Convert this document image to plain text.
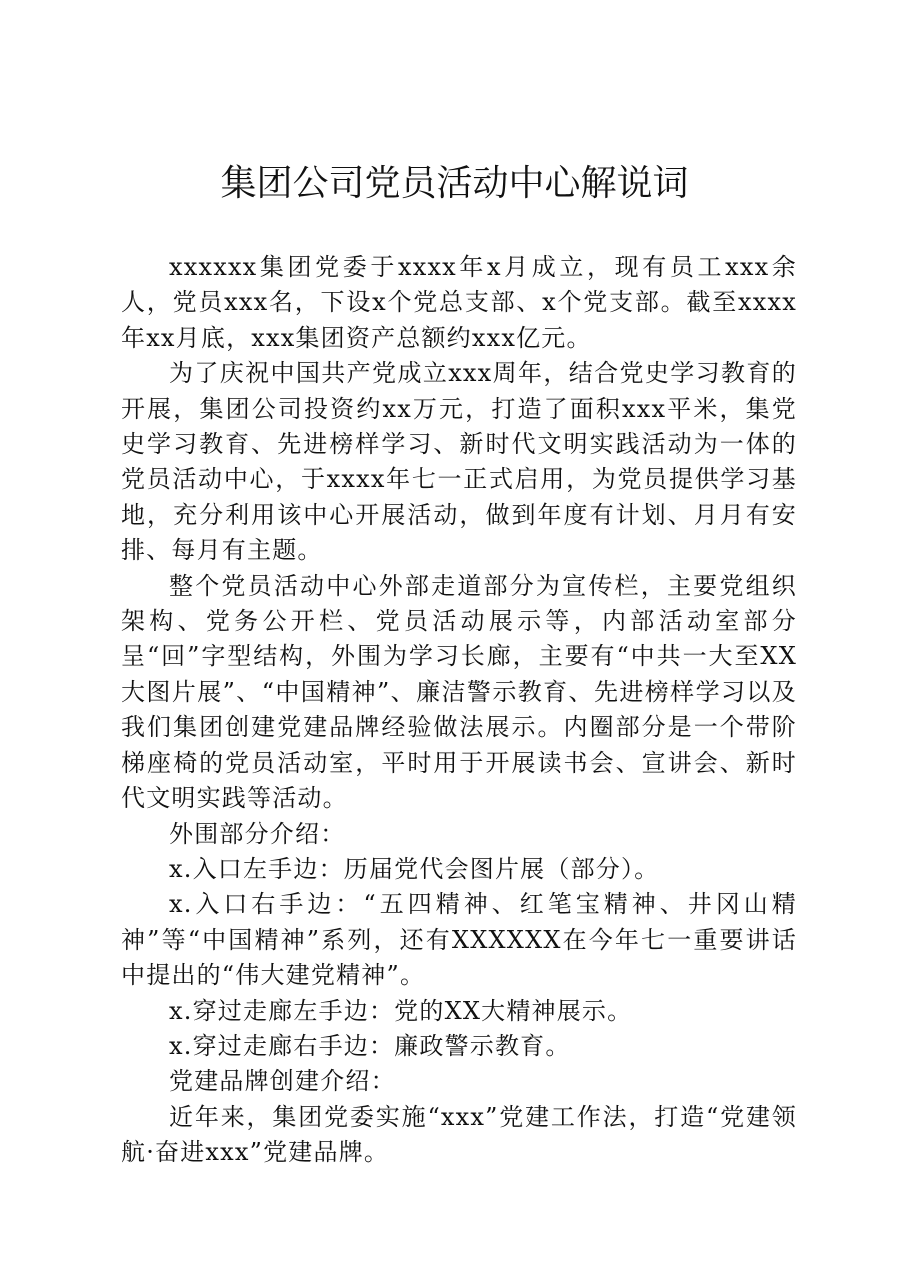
集团公司党员活动中心解说词

xxxxxx集团党委于xxxx年x月成立，现有员工xxx余人，党员xxx名，下设x个党总支部、x个党支部。截至xxxx年xx月底，xxx集团资产总额约xxx亿元。

为了庆祝中国共产党成立xxx周年，结合党史学习教育的开展，集团公司投资约xx万元，打造了面积xxx平米，集党史学习教育、先进榜样学习、新时代文明实践活动为一体的党员活动中心，于xxxx年七一正式启用，为党员提供学习基地，充分利用该中心开展活动，做到年度有计划、月月有安排、每月有主题。

整个党员活动中心外部走道部分为宣传栏，主要党组织架构、党务公开栏、党员活动展示等，内部活动室部分呈“回”字型结构，外围为学习长廊，主要有“中共一大至XX大图片展”、“中国精神”、廉洁警示教育、先进榜样学习以及我们集团创建党建品牌经验做法展示。内圈部分是一个带阶梯座椅的党员活动室，平时用于开展读书会、宣讲会、新时代文明实践等活动。

外围部分介绍：

x.入口左手边：历届党代会图片展（部分）。

x.入口右手边：“五四精神、红笔宝精神、井冈山精神”等“中国精神”系列，还有XXXXXX在今年七一重要讲话中提出的“伟大建党精神”。

x.穿过走廊左手边：党的XX大精神展示。

x.穿过走廊右手边：廉政警示教育。

党建品牌创建介绍：

近年来，集团党委实施“xxx”党建工作法，打造“党建领航·奋进xxx”党建品牌。
